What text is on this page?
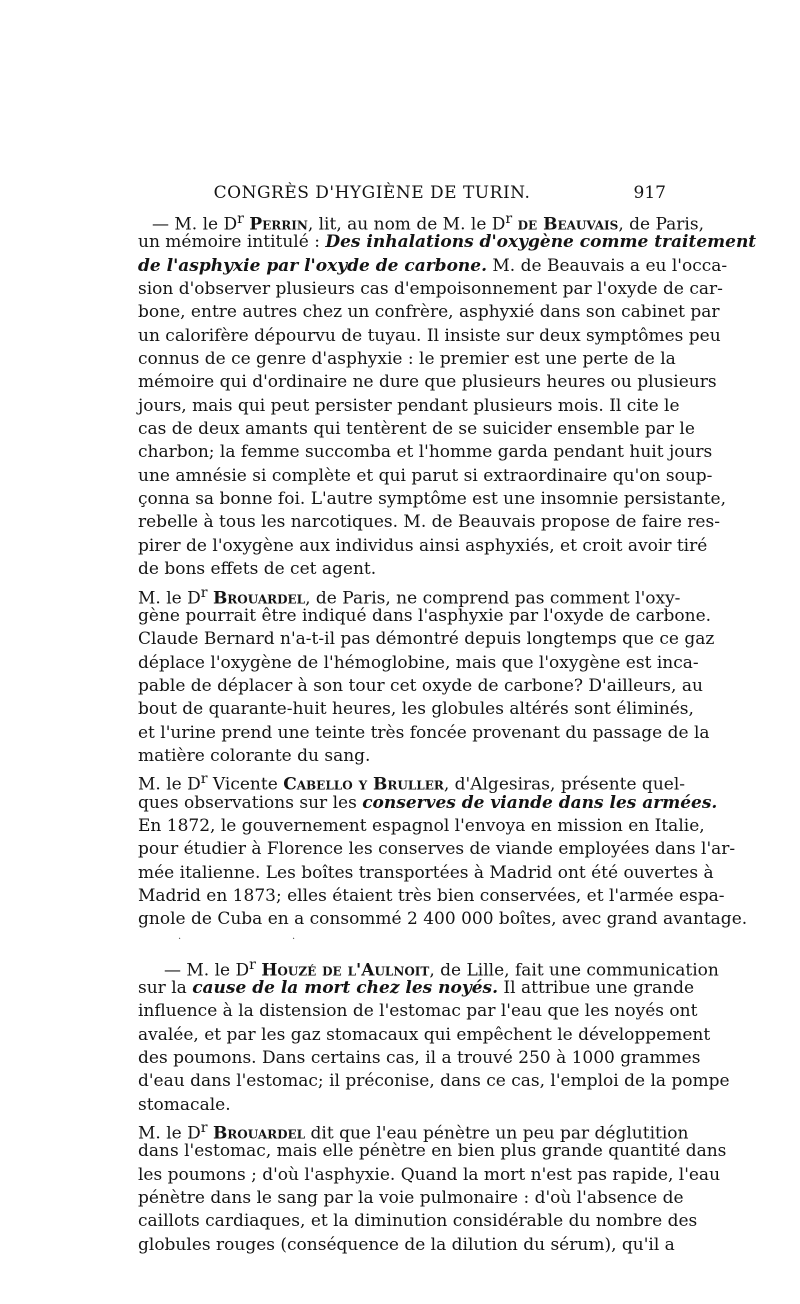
CONGRÈS D'HYGIÈNE DE TURIN.	917
— M. le $D^r$ Perrin, lit, au nom de M. le $D^r$ de Beauvais, de Paris,
un mémoire intitulé : Des inhalations d'oxygène comme traitement
de l'asphyxie par l'oxyde de carbone. M. de Beauvais a eu l'occa-
sion d'observer plusieurs cas d'empoisonnement par l'oxyde de car-
bone, entre autres chez un confrère, asphyxié dans son cabinet par
un calorifère dépourvu de tuyau. Il insiste sur deux symptômes peu
connus de ce genre d'asphyxie : le premier est une perte de la
mémoire qui d'ordinaire ne dure que plusieurs heures ou plusieurs
jours, mais qui peut persister pendant plusieurs mois. Il cite le
cas de deux amants qui tentèrent de se suicider ensemble par le
charbon; la femme succomba et l'homme garda pendant huit jours
une amnésie si complète et qui parut si extraordinaire qu'on soup-
çonna sa bonne foi. L'autre symptôme est une insomnie persistante,
rebelle à tous les narcotiques. M. de Beauvais propose de faire res-
pirer de l'oxygène aux individus ainsi asphyxiés, et croit avoir tiré
de bons effets de cet agent.
M. le $D^r$ Brouardel, de Paris, ne comprend pas comment l'oxy-
gène pourrait être indiqué dans l'asphyxie par l'oxyde de carbone.
Claude Bernard n'a-t-il pas démontré depuis longtemps que ce gaz
déplace l'oxygène de l'hémoglobine, mais que l'oxygène est inca-
pable de déplacer à son tour cet oxyde de carbone? D'ailleurs, au
bout de quarante-huit heures, les globules altérés sont éliminés,
et l'urine prend une teinte très foncée provenant du passage de la
matière colorante du sang.
M. le $D^r$ Vicente Cabello y Bruller, d'Algesiras, présente quel-
ques observations sur les conserves de viande dans les armées.
En 1872, le gouvernement espagnol l'envoya en mission en Italie,
pour étudier à Florence les conserves de viande employées dans l'ar-
mée italienne. Les boîtes transportées à Madrid ont été ouvertes à
Madrid en 1873; elles étaient très bien conservées, et l'armée espa-
gnole de Cuba en a consommé 2 400 000 boîtes, avec grand avantage.
·	·
— M. le $D^r$ Houzé de l'Aulnoit, de Lille, fait une communication
sur la cause de la mort chez les noyés. Il attribue une grande
influence à la distension de l'estomac par l'eau que les noyés ont
avalée, et par les gaz stomacaux qui empêchent le développement
des poumons. Dans certains cas, il a trouvé 250 à 1000 grammes
d'eau dans l'estomac; il préconise, dans ce cas, l'emploi de la pompe
stomacale.
M. le $D^r$ Brouardel dit que l'eau pénètre un peu par déglutition
dans l'estomac, mais elle pénètre en bien plus grande quantité dans
les poumons ; d'où l'asphyxie. Quand la mort n'est pas rapide, l'eau
pénètre dans le sang par la voie pulmonaire : d'où l'absence de
caillots cardiaques, et la diminution considérable du nombre des
globules rouges (conséquence de la dilution du sérum), qu'il a
